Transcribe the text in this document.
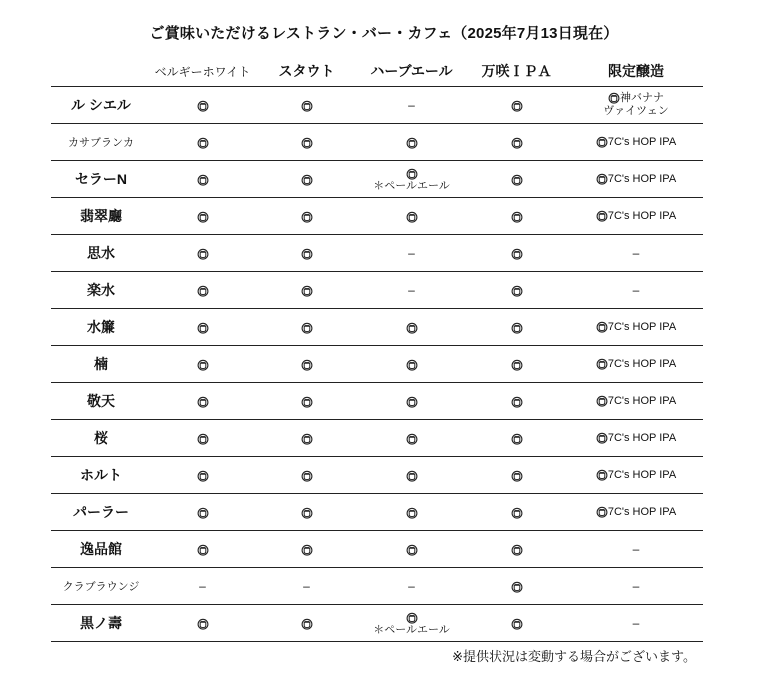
ご賞味いただけるレストラン・バー・カフェ（2025年7月13日現在）
	ベルギーホワイト	スタウト	ハーブエール	万咲ＩＰＡ	限定醸造
ル シエル			–		神バナナ
ヴァイツェン

カサブランカ					7C's HOP IPA
セラーN			＊ペールエール		7C's HOP IPA
翡翠廳					7C's HOP IPA
思水			–		–
楽水			–		–
水簾					7C's HOP IPA
楠					7C's HOP IPA
敬天					7C's HOP IPA
桜					7C's HOP IPA
ホルト					7C's HOP IPA
パーラー					7C's HOP IPA
逸品館					–
クラブラウンジ	–	–	–		–
黒ノ壽			＊ペールエール		–
※提供状況は変動する場合がございます。
